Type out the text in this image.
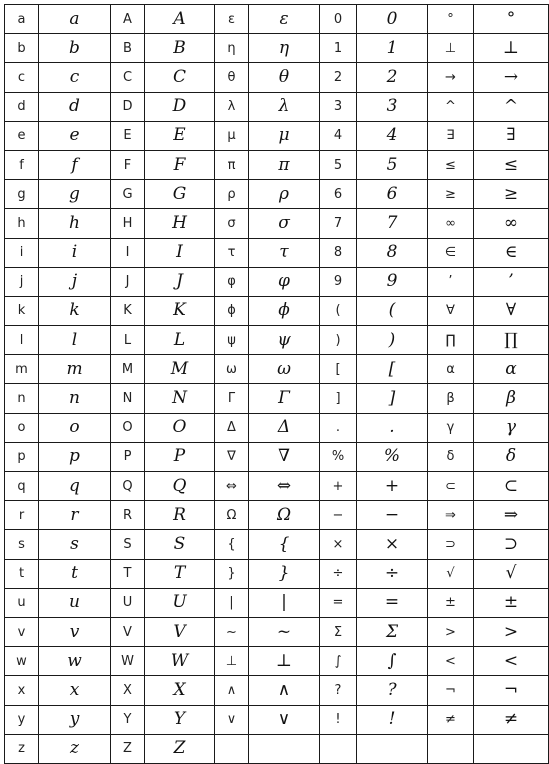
a	a	A	A	ε	ε	0	0	°	°
b	b	B	B	η	η	1	1	⊥	⊥
c	c	C	C	θ	θ	2	2	→	→
d	d	D	D	λ	λ	3	3	^	^
e	e	E	E	μ	μ	4	4	∃	∃
f	f	F	F	π	π	5	5	≤	≤
g	g	G	G	ρ	ρ	6	6	≥	≥
h	h	H	H	σ	σ	7	7	∞	∞
i	i	I	I	τ	τ	8	8	∈	∈
j	j	J	J	φ	φ	9	9	’	’
k	k	K	K	ϕ	ϕ	(	(	∀	∀
l	l	L	L	ψ	ψ	)	)	∏	∏
m	m	M	M	ω	ω	[	[	α	α
n	n	N	N	Γ	Γ	]	]	β	β
o	o	O	O	Δ	Δ	.	.	γ	γ
p	p	P	P	∇	∇	%	%	δ	δ
q	q	Q	Q	⇔	⇔	+	+	⊂	⊂
r	r	R	R	Ω	Ω	−	−	⇒	⇒
s	s	S	S	{	{	×	×	⊃	⊃
t	t	T	T	}	}	÷	÷	√	√
u	u	U	U	|	|	=	=	±	±
v	v	V	V	~	~	Σ	Σ	>	>
w	w	W	W	⊥	⊥	∫	∫	<	<
x	x	X	X	∧	∧	?	?	¬	¬
y	y	Y	Y	∨	∨	!	!	≠	≠
z	z	Z	Z						
